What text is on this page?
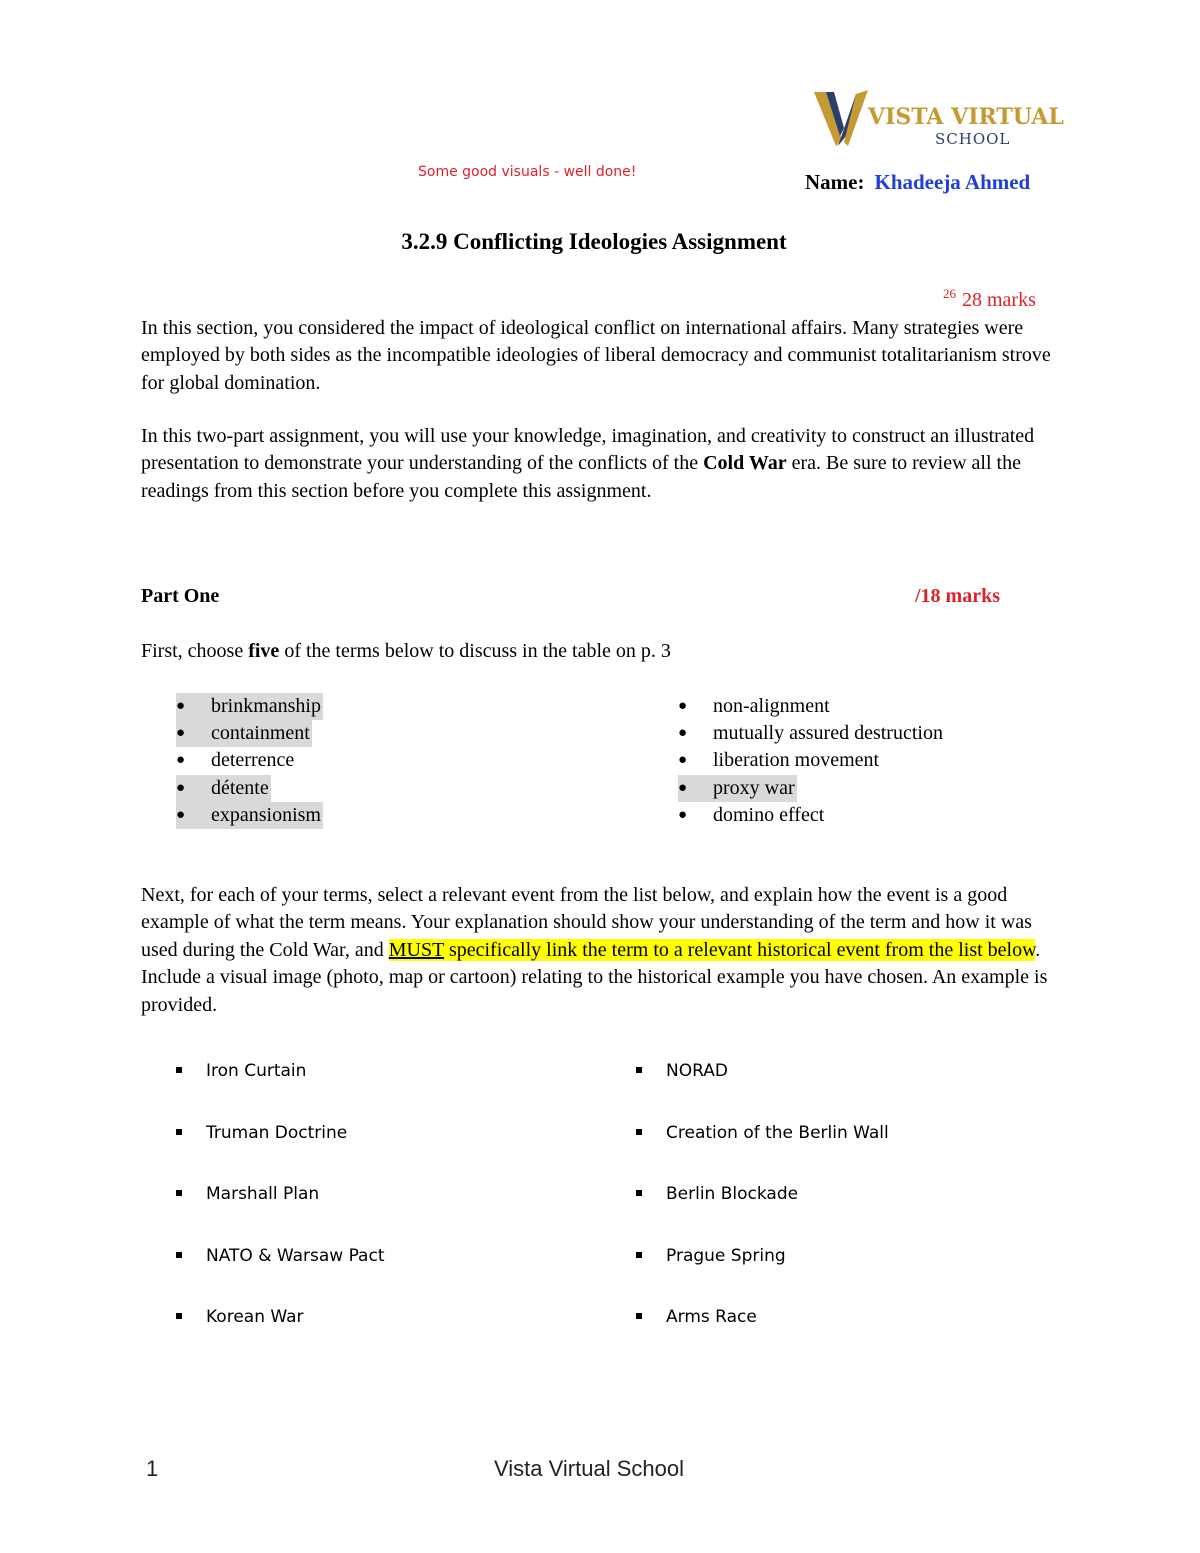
VISTA VIRTUAL
SCHOOL
Some good visuals - well done!	Name: Khadeeja Ahmed
3.2.9 Conflicting Ideologies Assignment
$^{26}$ 28 marks
In this section, you considered the impact of ideological conflict on international affairs. Many strategies were employed by both sides as the incompatible ideologies of liberal democracy and communist totalitarianism strove for global domination.
In this two-part assignment, you will use your knowledge, imagination, and creativity to construct an illustrated presentation to demonstrate your understanding of the conflicts of the Cold War era. Be sure to review all the readings from this section before you complete this assignment.
Part One	/18 marks
First, choose five of the terms below to discuss in the table on p. 3
●	brinkmanship
●	containment
●	deterrence
●	détente
●	expansionism
●	non-alignment
●	mutually assured destruction
●	liberation movement
●	proxy war
●	domino effect
Next, for each of your terms, select a relevant event from the list below, and explain how the event is a good example of what the term means. Your explanation should show your understanding of the term and how it was used during the Cold War, and MUST specifically link the term to a relevant historical event from the list below. Include a visual image (photo, map or cartoon) relating to the historical example you have chosen. An example is provided.
Iron Curtain
Truman Doctrine
Marshall Plan
NATO & Warsaw Pact
Korean War
NORAD
Creation of the Berlin Wall
Berlin Blockade
Prague Spring
Arms Race
1	Vista Virtual School
